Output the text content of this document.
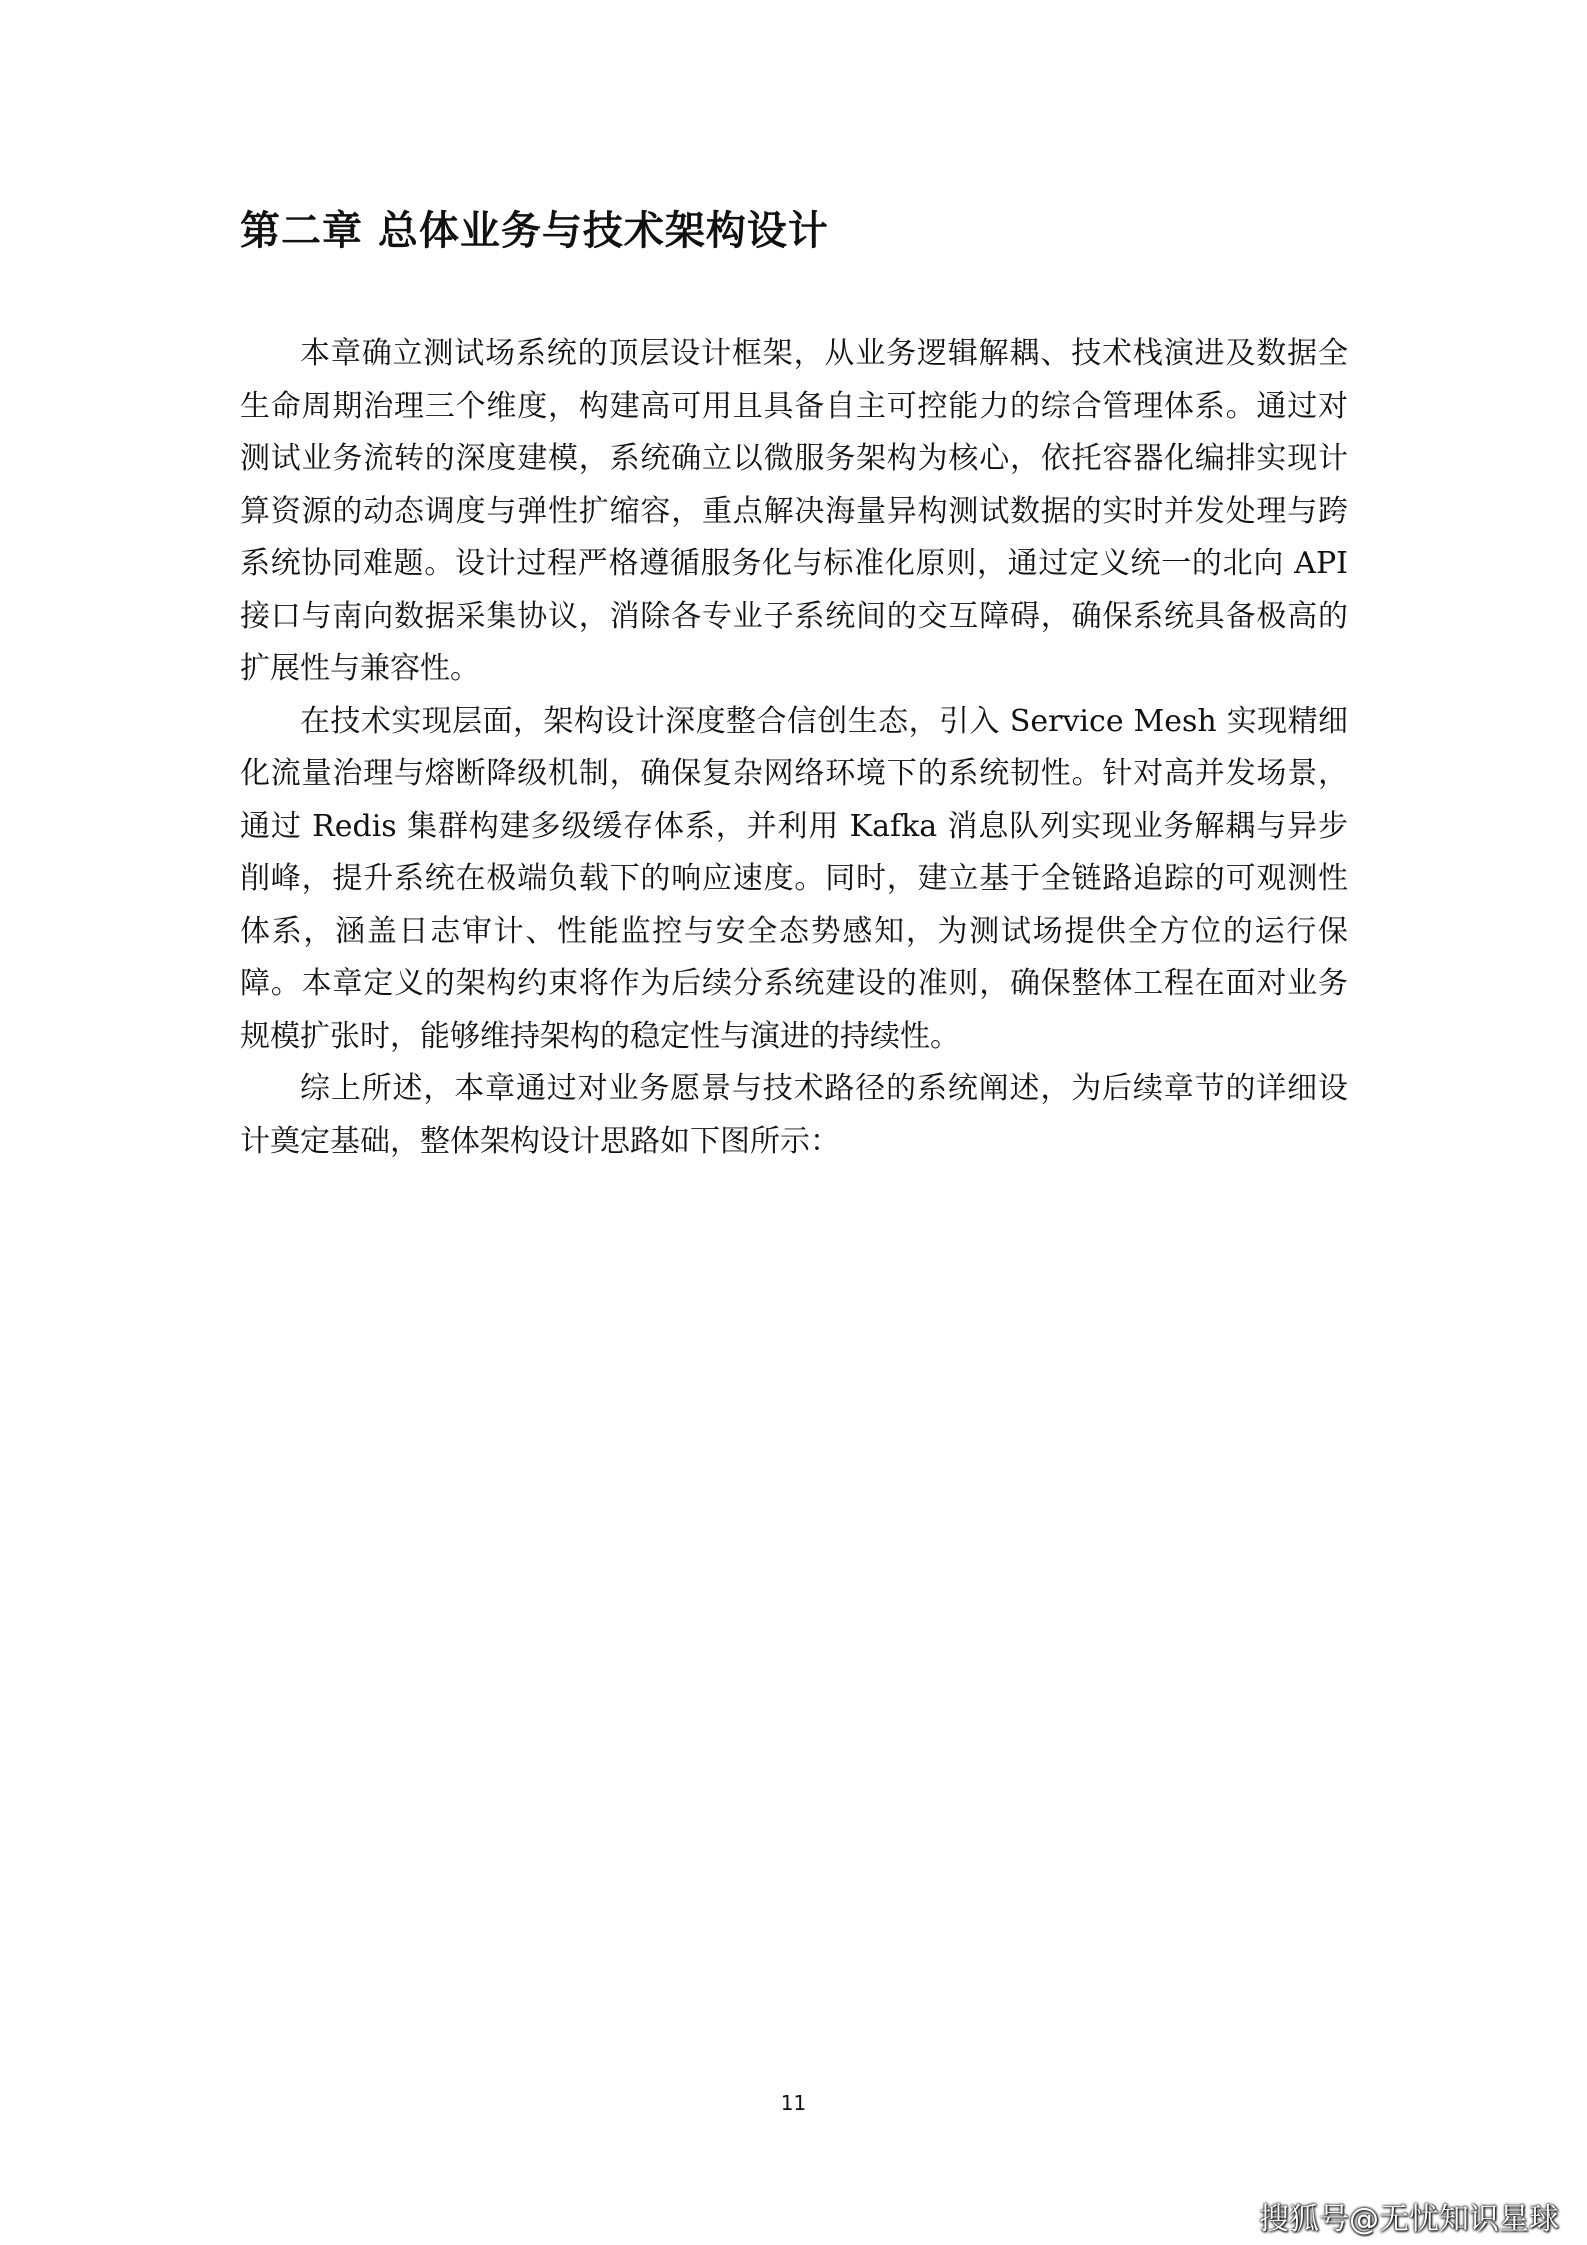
第二章 总体业务与技术架构设计

本章确立测试场系统的顶层设计框架，从业务逻辑解耦、技术栈演进及数据全生命周期治理三个维度，构建高可用且具备自主可控能力的综合管理体系。通过对测试业务流转的深度建模，系统确立以微服务架构为核心，依托容器化编排实现计算资源的动态调度与弹性扩缩容，重点解决海量异构测试数据的实时并发处理与跨系统协同难题。设计过程严格遵循服务化与标准化原则，通过定义统一的北向 API 接口与南向数据采集协议，消除各专业子系统间的交互障碍，确保系统具备极高的扩展性与兼容性。

在技术实现层面，架构设计深度整合信创生态，引入 Service Mesh 实现精细化流量治理与熔断降级机制，确保复杂网络环境下的系统韧性。针对高并发场景，通过 Redis 集群构建多级缓存体系，并利用 Kafka 消息队列实现业务解耦与异步削峰，提升系统在极端负载下的响应速度。同时，建立基于全链路追踪的可观测性体系，涵盖日志审计、性能监控与安全态势感知，为测试场提供全方位的运行保障。本章定义的架构约束将作为后续分系统建设的准则，确保整体工程在面对业务规模扩张时，能够维持架构的稳定性与演进的持续性。

综上所述，本章通过对业务愿景与技术路径的系统阐述，为后续章节的详细设计奠定基础，整体架构设计思路如下图所示：

11
搜狐号@无忧知识星球
